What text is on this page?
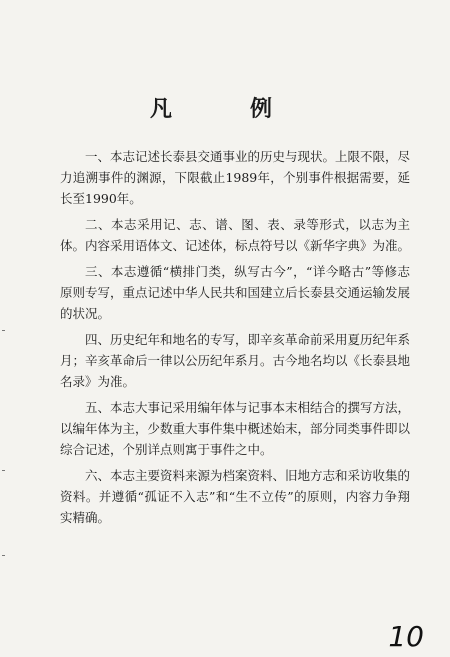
凡　例

一、本志记述长泰县交通事业的历史与现状。上限不限，尽力追溯事件的渊源，下限截止1989年，个别事件根据需要，延长至1990年。

二、本志采用记、志、谱、图、表、录等形式，以志为主体。内容采用语体文、记述体，标点符号以《新华字典》为准。

三、本志遵循“横排门类，纵写古今”，“详今略古”等修志原则专写，重点记述中华人民共和国建立后长泰县交通运输发展的状况。

四、历史纪年和地名的专写，即辛亥革命前采用夏历纪年系月；辛亥革命后一律以公历纪年系月。古今地名均以《长泰县地名录》为准。

五、本志大事记采用编年体与记事本末相结合的撰写方法，以编年体为主，少数重大事件集中概述始末，部分同类事件即以综合记述，个别详点则寓于事件之中。

六、本志主要资料来源为档案资料、旧地方志和采访收集的资料。并遵循“孤证不入志”和“生不立传”的原则，内容力争翔实精确。

10
